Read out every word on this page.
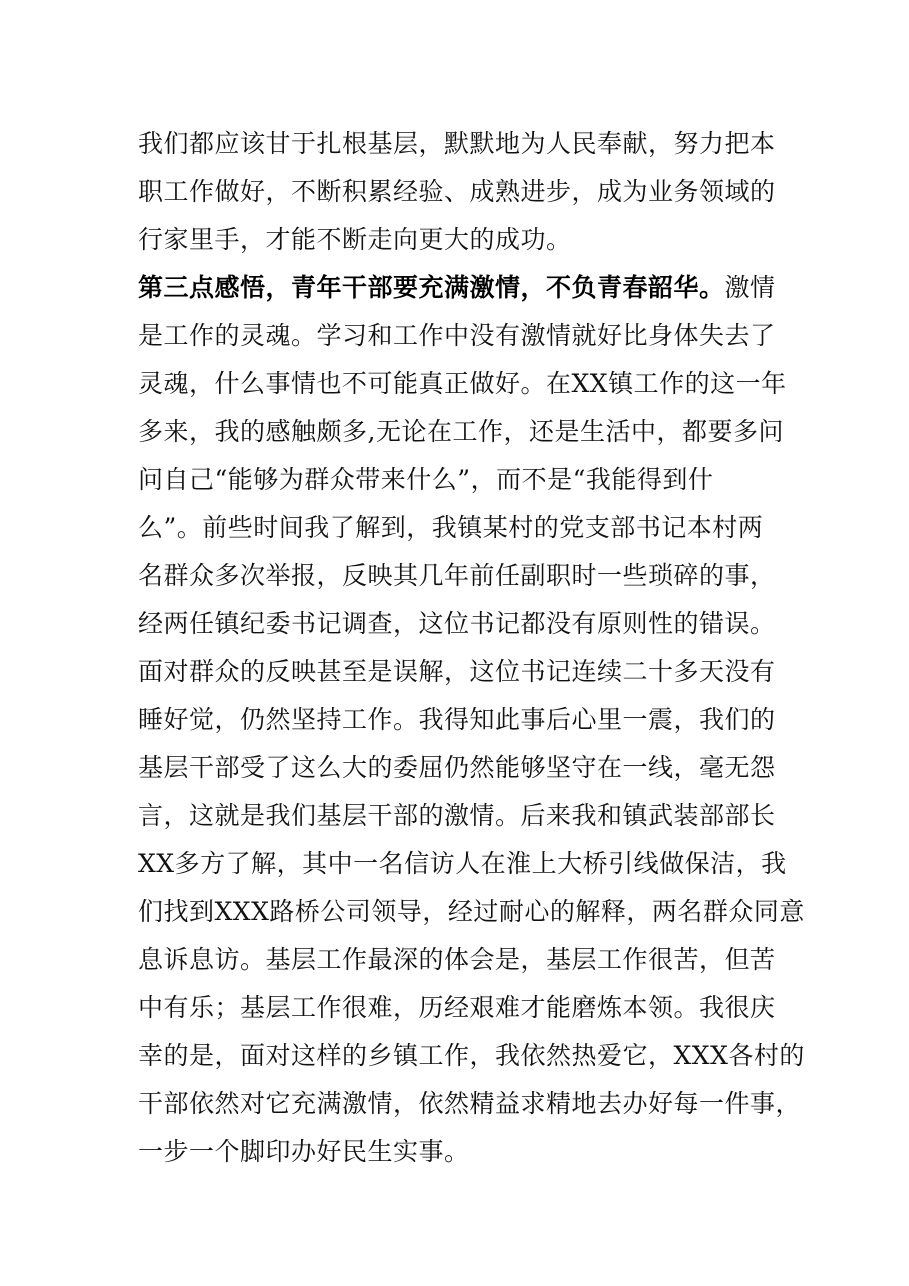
我们都应该甘于扎根基层，默默地为人民奉献，努力把本
职工作做好，不断积累经验、成熟进步，成为业务领域的
行家里手，才能不断走向更大的成功。
第三点感悟，青年干部要充满激情，不负青春韶华。激情
是工作的灵魂。学习和工作中没有激情就好比身体失去了
灵魂，什么事情也不可能真正做好。在XX镇工作的这一年
多来，我的感触颇多,无论在工作，还是生活中，都要多问
问自己“能够为群众带来什么”，而不是“我能得到什
么”。前些时间我了解到，我镇某村的党支部书记本村两
名群众多次举报，反映其几年前任副职时一些琐碎的事，
经两任镇纪委书记调查，这位书记都没有原则性的错误。
面对群众的反映甚至是误解，这位书记连续二十多天没有
睡好觉，仍然坚持工作。我得知此事后心里一震，我们的
基层干部受了这么大的委屈仍然能够坚守在一线，毫无怨
言，这就是我们基层干部的激情。后来我和镇武装部部长
XX多方了解，其中一名信访人在淮上大桥引线做保洁，我
们找到XXX路桥公司领导，经过耐心的解释，两名群众同意
息诉息访。基层工作最深的体会是，基层工作很苦，但苦
中有乐；基层工作很难，历经艰难才能磨炼本领。我很庆
幸的是，面对这样的乡镇工作，我依然热爱它，XXX各村的
干部依然对它充满激情，依然精益求精地去办好每一件事，
一步一个脚印办好民生实事。
